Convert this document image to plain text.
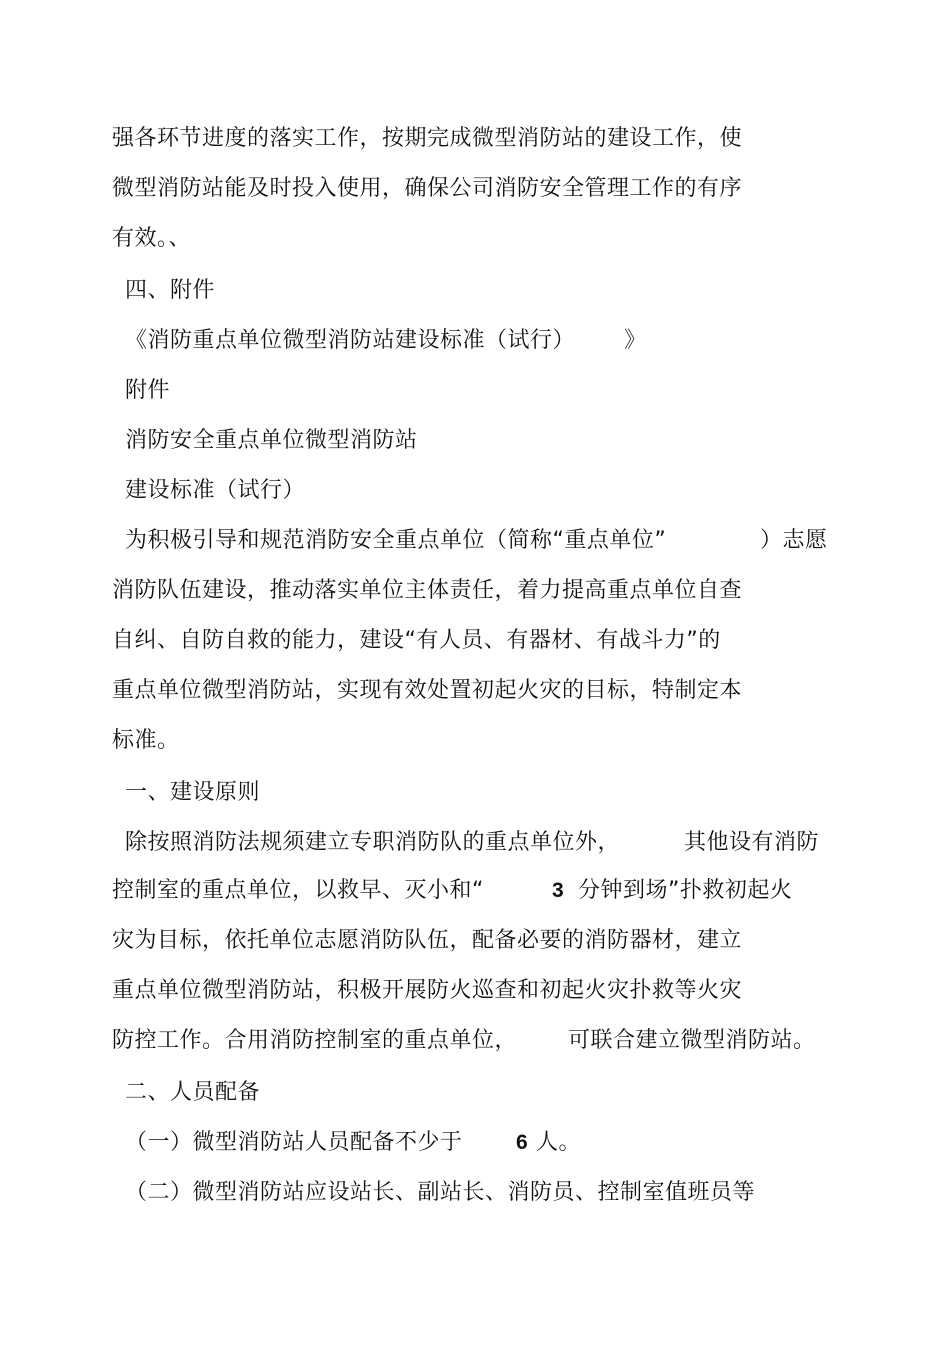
强各环节进度的落实工作，按期完成微型消防站的建设工作，使
微型消防站能及时投入使用，确保公司消防安全管理工作的有序
有效。、
四、附件
《消防重点单位微型消防站建设标准（试行） 》
附件
消防安全重点单位微型消防站
建设标准（试行）
为积极引导和规范消防安全重点单位（简称“重点单位”	）志愿
消防队伍建设，推动落实单位主体责任，着力提高重点单位自查
自纠、自防自救的能力，建设“有人员、有器材、有战斗力”的
重点单位微型消防站，实现有效处置初起火灾的目标，特制定本
标准。
一、建设原则
除按照消防法规须建立专职消防队的重点单位外，	其他设有消防
控制室的重点单位，以救早、灭小和“	3 分钟到场”扑救初起火
灾为目标，依托单位志愿消防队伍，配备必要的消防器材，建立
重点单位微型消防站，积极开展防火巡查和初起火灾扑救等火灾
防控工作。合用消防控制室的重点单位， 可联合建立微型消防站。
二、人员配备
（一）微型消防站人员配备不少于	6 人。
（二）微型消防站应设站长、副站长、消防员、控制室值班员等
